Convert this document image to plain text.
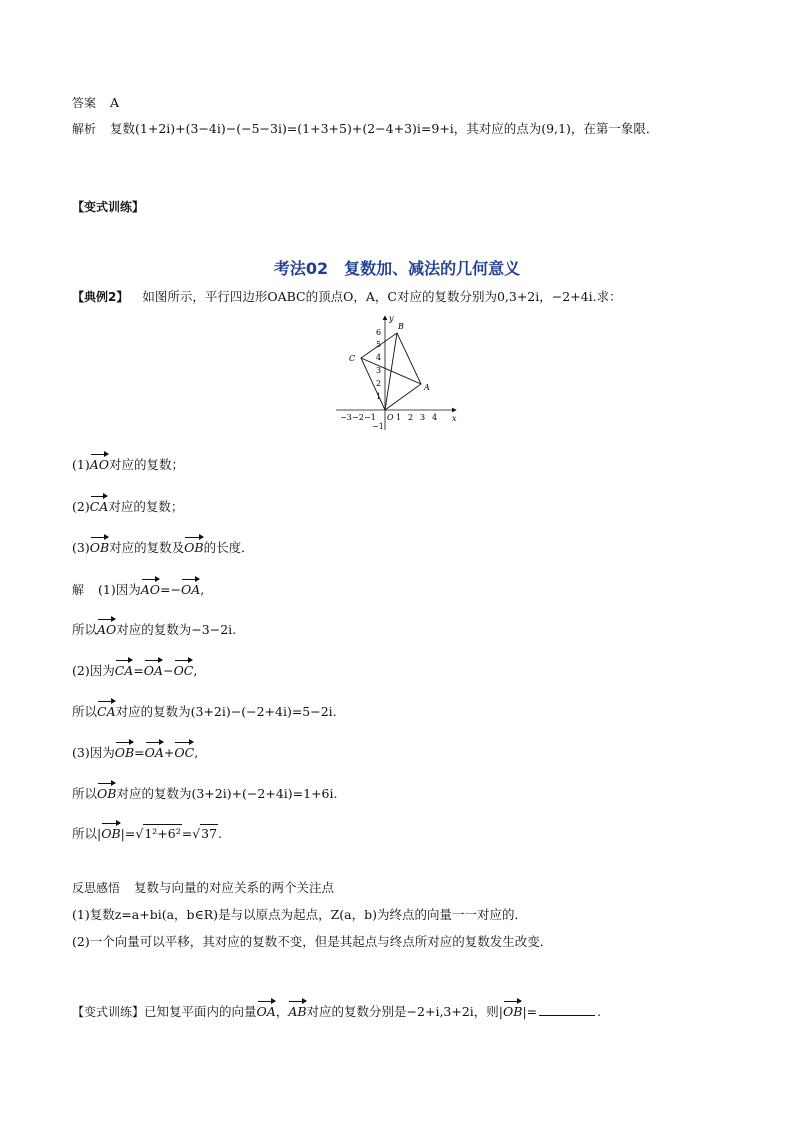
答案 A
解析 复数(1+2i)+(3−4i)−(−5−3i)=(1+3+5)+(2−4+3)i=9+i，其对应的点为(9,1)，在第一象限．
【变式训练】
考法02　复数加、减法的几何意义
【典例2】 如图所示，平行四边形OABC的顶点O，A，C对应的复数分别为0,3+2i，−2+4i.求：
y
x
O
−3 −2 −1	1 2 3 4
6
5
4
3
2
1
−1
A
B
C
(1)AO对应的复数；
(2)CA对应的复数；
(3)OB对应的复数及OB的长度．
解 (1)因为AO=−OA,
所以AO对应的复数为−3−2i.
(2)因为CA=OA−OC,
所以CA对应的复数为(3+2i)−(−2+4i)=5−2i.
(3)因为OB=OA+OC,
所以OB对应的复数为(3+2i)+(−2+4i)=1+6i.
所以|OB|=√1²+6²=√37.
反思感悟 复数与向量的对应关系的两个关注点
(1)复数z=a+bi(a，b∈R)是与以原点为起点，Z(a，b)为终点的向量一一对应的．
(2)一个向量可以平移，其对应的复数不变，但是其起点与终点所对应的复数发生改变．
【变式训练】已知复平面内的向量OA，AB对应的复数分别是−2+i,3+2i，则|OB|=	.
